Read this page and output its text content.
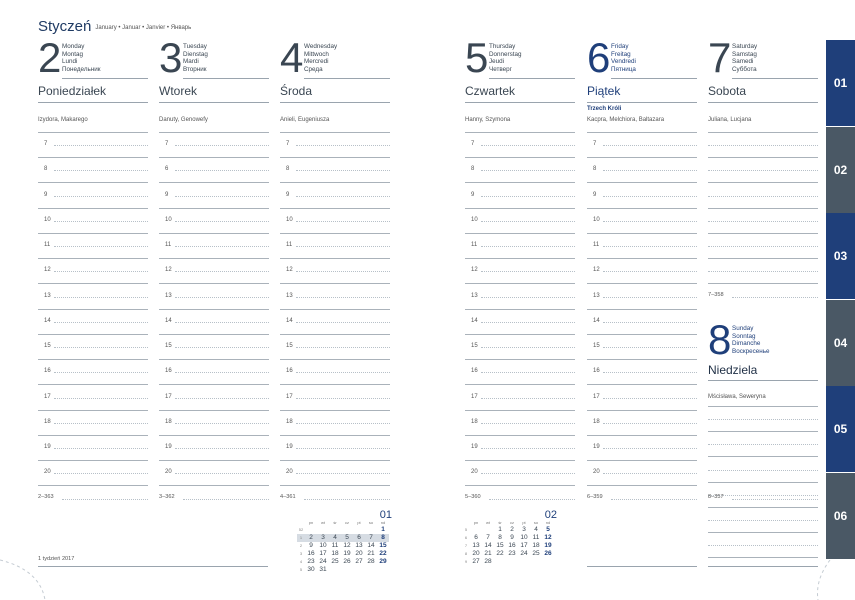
Styczeń $^{January • Januar • Janvier • Январь}$
2 Monday
Montag
Lundi
Понедельник
Poniedziałek
Izydora, Makarego
7
8
9
10
11
12
13
14
15
16
17
18
19
20
2–363
3 Tuesday
Dienstag
Mardi
Вторник
Wtorek
Danuty, Genowefy
7
6
9
10
11
12
13
14
15
16
17
18
19
20
3–362
4 Wednesday
Mittwoch
Mercredi
Среда
Środa
Anieli, Eugeniusza
7
8
9
10
11
12
13
14
15
16
17
18
19
20
4–361
5 Thursday
Donnerstag
Jeudi
Четверг
Czwartek
Hanny, Szymona
7
8
9
10
11
12
13
14
15
16
17
18
19
20
5–360
6 Friday
Freitag
Vendredi
Пятница
Piątek
Trzech Króli
Kacpra, Melchiora, Baltazara
7
8
9
10
11
12
13
14
15
16
17
18
19
20
6–359
7 Saturday
Samstag
Samedi
Суббота
Sobota
Juliana, Lucjana
7–358
8 Sunday
Sonntag
Dimanche
Воскресенье
Niedziela
Mścisława, Seweryna
8–357
1 tydzień 2017
01
	pn	wt	śr	cz	pt	so	nd
52							1
1	2	3	4	5	6	7	8
2	9	10	11	12	13	14	15
3	16	17	18	19	20	21	22
4	23	24	25	26	27	28	29
5	30	31					
02
	pn	wt	śr	cz	pt	so	nd
5			1	2	3	4	5
6	6	7	8	9	10	11	12
7	13	14	15	16	17	18	19
8	20	21	22	23	24	25	26
9	27	28					
01
02
03
04
05
06
